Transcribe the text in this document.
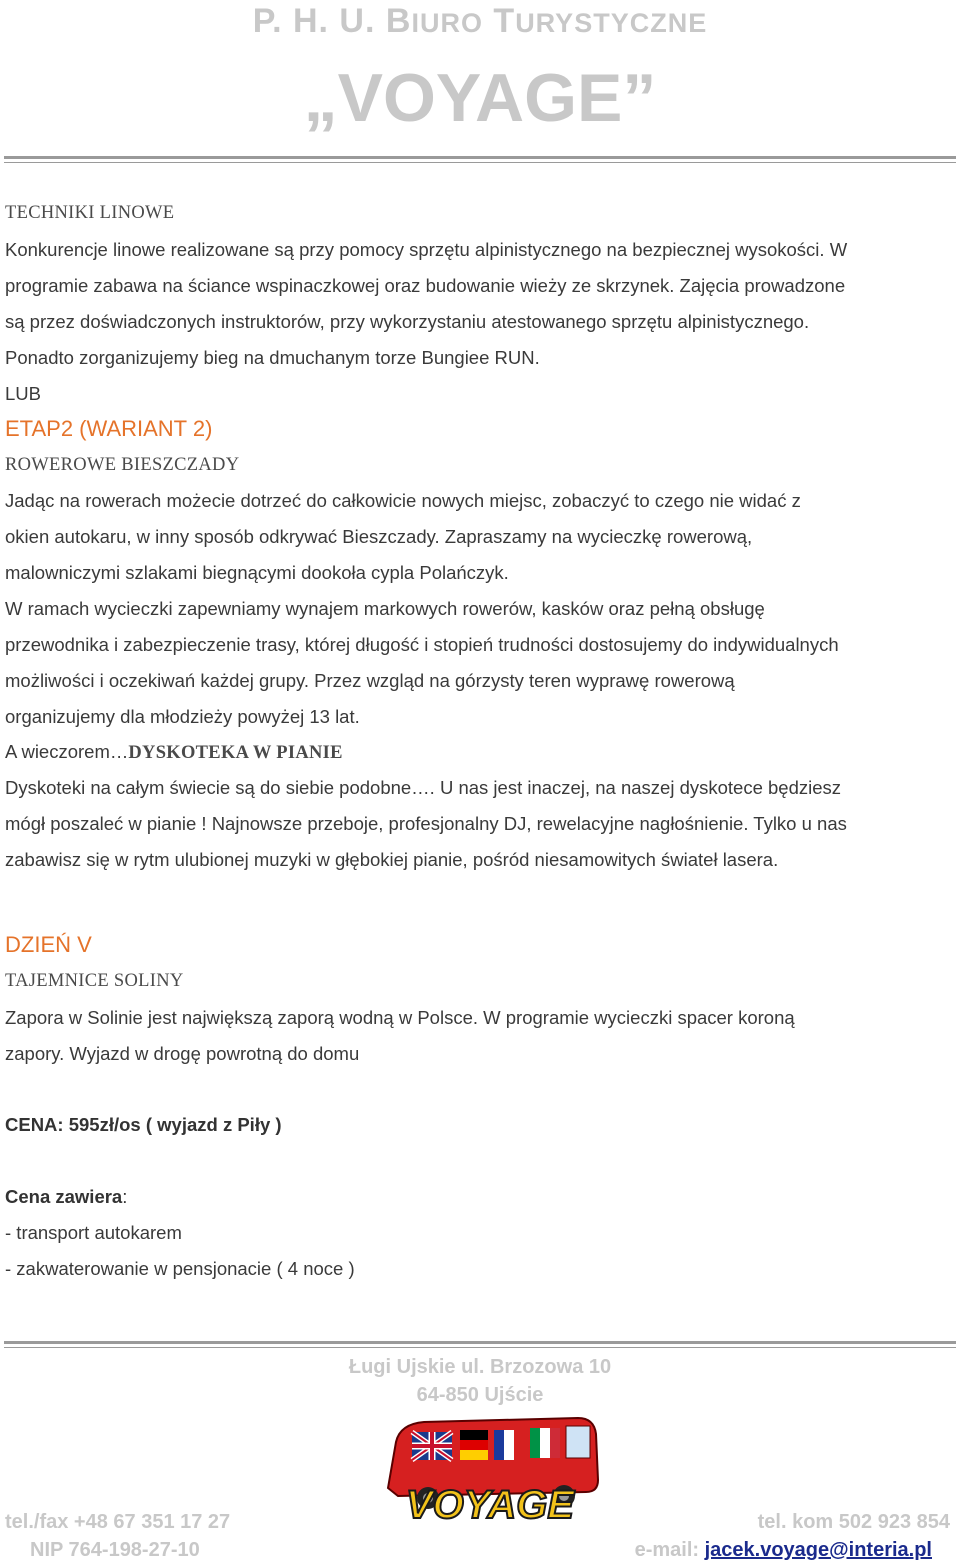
P. H. U. BIURO TURYSTYCZNE
„VOYAGE”
TECHNIKI LINOWE
Konkurencje linowe realizowane są przy pomocy sprzętu alpinistycznego na bezpiecznej wysokości. W
programie zabawa na ściance wspinaczkowej oraz budowanie wieży ze skrzynek. Zajęcia prowadzone
są przez doświadczonych instruktorów, przy wykorzystaniu atestowanego sprzętu alpinistycznego.
Ponadto zorganizujemy bieg na dmuchanym torze Bungiee RUN.
LUB
ETAP2 (WARIANT 2)
ROWEROWE BIESZCZADY
Jadąc na rowerach możecie dotrzeć do całkowicie nowych miejsc, zobaczyć to czego nie widać z
okien autokaru, w inny sposób odkrywać Bieszczady. Zapraszamy na wycieczkę rowerową,
malowniczymi szlakami biegnącymi dookoła cypla Polańczyk.
W ramach wycieczki zapewniamy wynajem markowych rowerów, kasków oraz pełną obsługę
przewodnika i zabezpieczenie trasy, której długość i stopień trudności dostosujemy do indywidualnych
możliwości i oczekiwań każdej grupy. Przez wzgląd na górzysty teren wyprawę rowerową
organizujemy dla młodzieży powyżej 13 lat.
A wieczorem…DYSKOTEKA W PIANIE
Dyskoteki na całym świecie są do siebie podobne…. U nas jest inaczej, na naszej dyskotece będziesz
mógł poszaleć w pianie ! Najnowsze przeboje, profesjonalny DJ, rewelacyjne nagłośnienie. Tylko u nas
zabawisz się w rytm ulubionej muzyki w głębokiej pianie, pośród niesamowitych świateł lasera.
DZIEŃ V
TAJEMNICE SOLINY
Zapora w Solinie jest największą zaporą wodną w Polsce. W programie wycieczki spacer koroną
zapory. Wyjazd w drogę powrotną do domu
CENA: 595zł/os ( wyjazd z Piły )
Cena zawiera:
- transport autokarem
- zakwaterowanie w pensjonacie ( 4 noce )
Ługi Ujskie ul. Brzozowa 10
64-850 Ujście
VOYAGE
tel./fax +48 67 351 17 27
NIP 764-198-27-10
tel. kom 502 923 854
e-mail: jacek.voyage@interia.pl
